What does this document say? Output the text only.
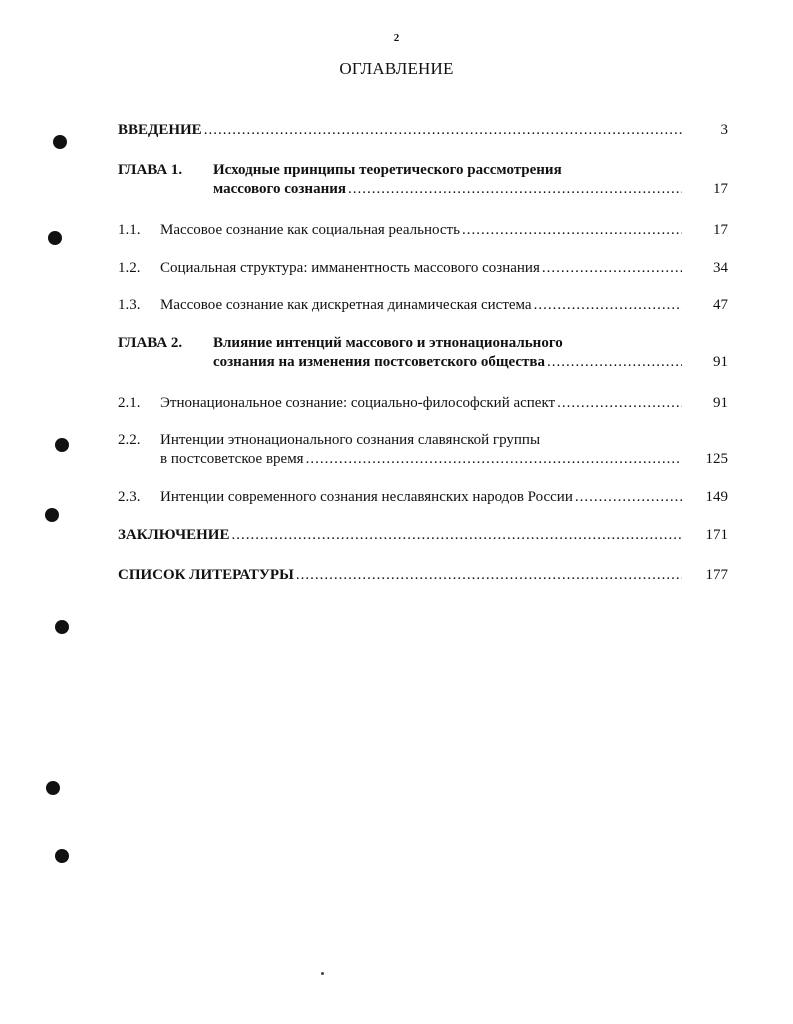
2
ОГЛАВЛЕНИЕ
ВВЕДЕНИЕ .....	3
ГЛАВА 1.	Исходные принципы теоретического рассмотрения
массового сознания .....	17
1.1.	Массовое сознание как социальная реальность .....	17
1.2.	Социальная структура: имманентность массового сознания .....	34
1.3.	Массовое сознание как дискретная динамическая система .....	47
ГЛАВА 2.	Влияние интенций массового и этнонационального
сознания на изменения постсоветского общества .....	91
2.1.	Этнонациональное сознание: социально-философский аспект .....	91
2.2.	Интенции этнонационального сознания славянской группы
в постсоветское время .....	125
2.3.	Интенции современного сознания неславянских народов России .....	149
ЗАКЛЮЧЕНИЕ .....	171
СПИСОК ЛИТЕРАТУРЫ .....	177
